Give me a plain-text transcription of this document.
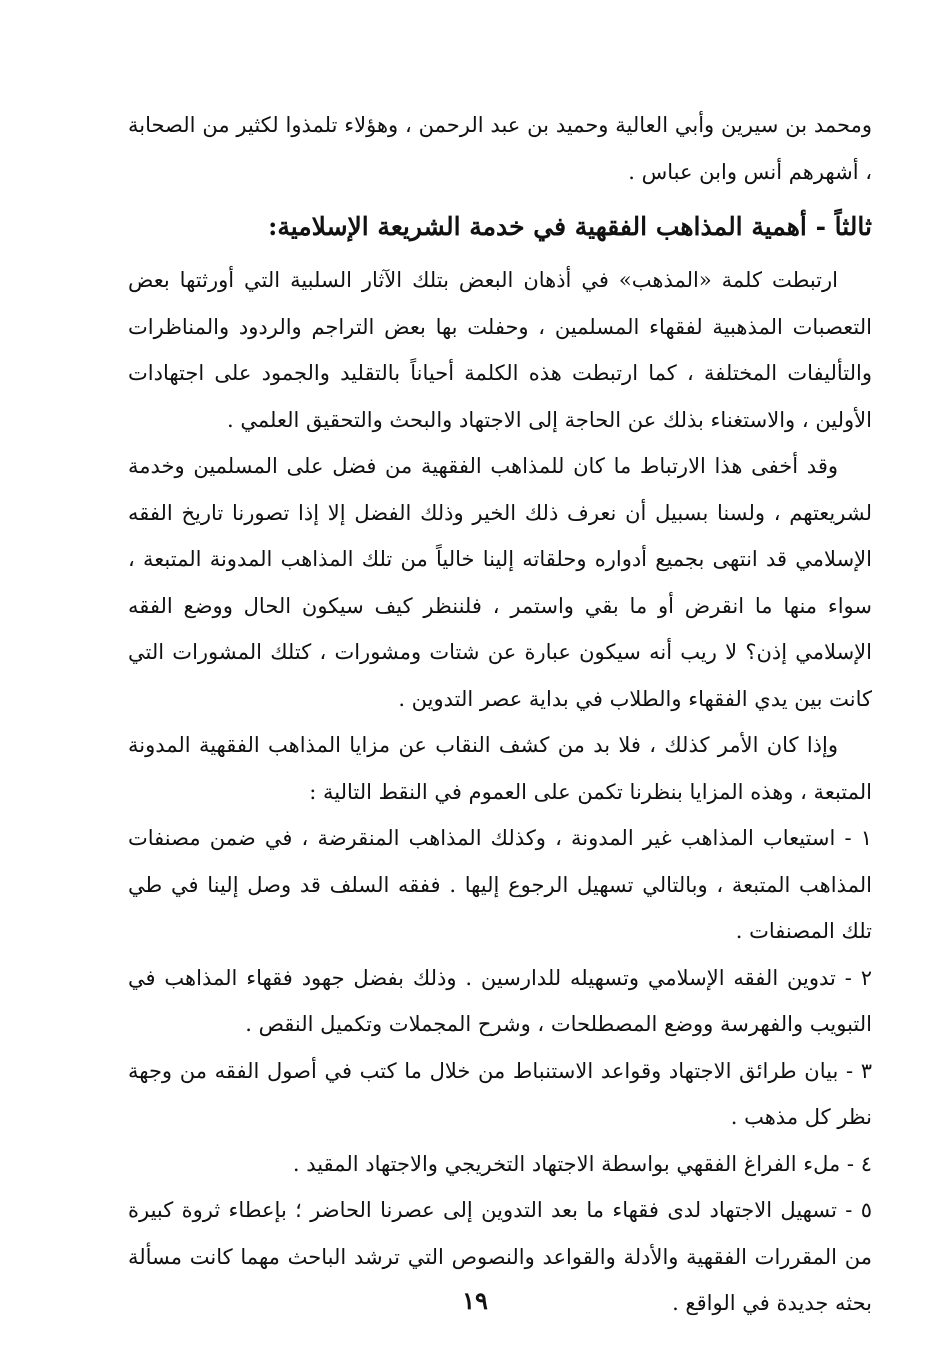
ومحمد بن سيرين وأبي العالية وحميد بن عبد الرحمن ، وهؤلاء تلمذوا لكثير من الصحابة ، أشهرهم أنس وابن عباس .

ثالثاً - أهمية المذاهب الفقهية في خدمة الشريعة الإسلامية:

ارتبطت كلمة «المذهب» في أذهان البعض بتلك الآثار السلبية التي أورثتها بعض التعصبات المذهبية لفقهاء المسلمين ، وحفلت بها بعض التراجم والردود والمناظرات والتأليفات المختلفة ، كما ارتبطت هذه الكلمة أحياناً بالتقليد والجمود على اجتهادات الأولين ، والاستغناء بذلك عن الحاجة إلى الاجتهاد والبحث والتحقيق العلمي .

وقد أخفى هذا الارتباط ما كان للمذاهب الفقهية من فضل على المسلمين وخدمة لشريعتهم ، ولسنا بسبيل أن نعرف ذلك الخير وذلك الفضل إلا إذا تصورنا تاريخ الفقه الإسلامي قد انتهى بجميع أدواره وحلقاته إلينا خالياً من تلك المذاهب المدونة المتبعة ، سواء منها ما انقرض أو ما بقي واستمر ، فلننظر كيف سيكون الحال ووضع الفقه الإسلامي إذن؟ لا ريب أنه سيكون عبارة عن شتات ومشورات ، كتلك المشورات التي كانت بين يدي الفقهاء والطلاب في بداية عصر التدوين .

وإذا كان الأمر كذلك ، فلا بد من كشف النقاب عن مزايا المذاهب الفقهية المدونة المتبعة ، وهذه المزايا بنظرنا تكمن على العموم في النقط التالية :

١ - استيعاب المذاهب غير المدونة ، وكذلك المذاهب المنقرضة ، في ضمن مصنفات المذاهب المتبعة ، وبالتالي تسهيل الرجوع إليها . ففقه السلف قد وصل إلينا في طي تلك المصنفات .

٢ - تدوين الفقه الإسلامي وتسهيله للدارسين . وذلك بفضل جهود فقهاء المذاهب في التبويب والفهرسة ووضع المصطلحات ، وشرح المجملات وتكميل النقص .

٣ - بيان طرائق الاجتهاد وقواعد الاستنباط من خلال ما كتب في أصول الفقه من وجهة نظر كل مذهب .

٤ - ملء الفراغ الفقهي بواسطة الاجتهاد التخريجي والاجتهاد المقيد .

٥ - تسهيل الاجتهاد لدى فقهاء ما بعد التدوين إلى عصرنا الحاضر ؛ بإعطاء ثروة كبيرة من المقررات الفقهية والأدلة والقواعد والنصوص التي ترشد الباحث مهما كانت مسألة بحثه جديدة في الواقع .

١٩
